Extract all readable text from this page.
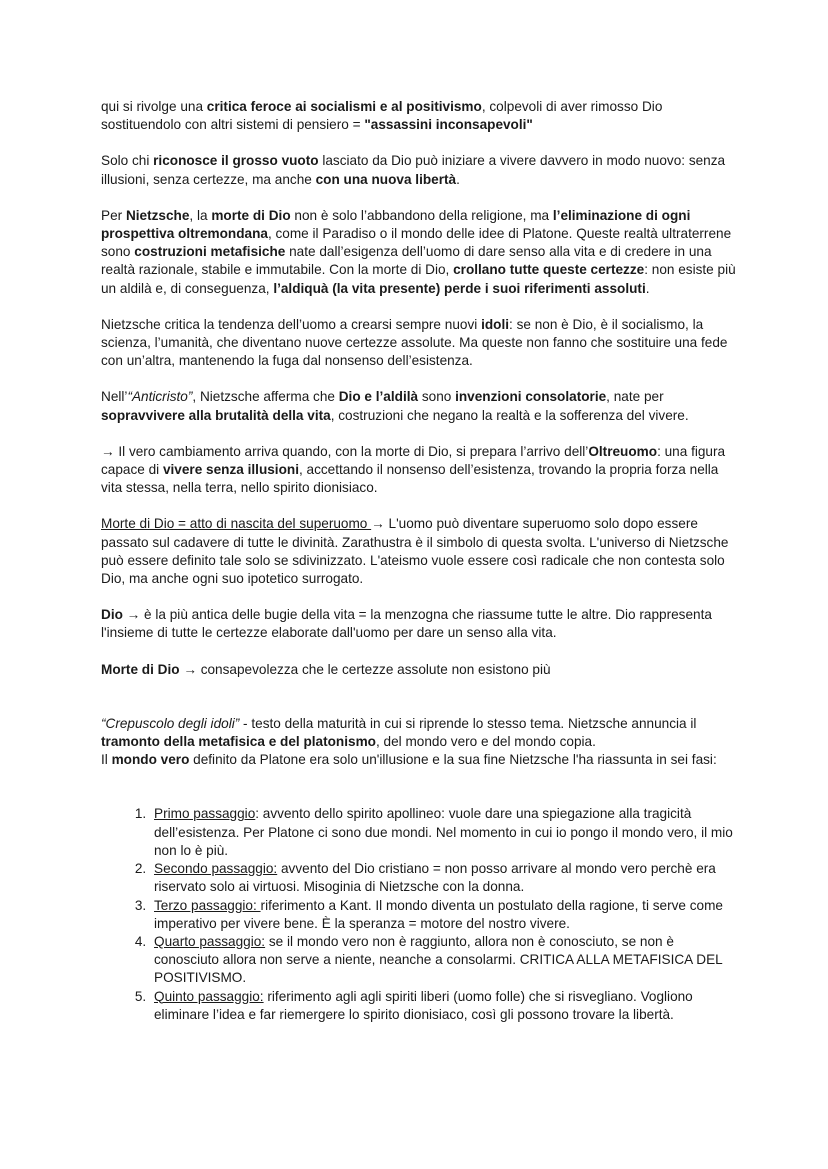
qui si rivolge una critica feroce ai socialismi e al positivismo, colpevoli di aver rimosso Dio sostituendolo con altri sistemi di pensiero = "assassini inconsapevoli"

Solo chi riconosce il grosso vuoto lasciato da Dio può iniziare a vivere davvero in modo nuovo: senza illusioni, senza certezze, ma anche con una nuova libertà.

Per Nietzsche, la morte di Dio non è solo l’abbandono della religione, ma l’eliminazione di ogni prospettiva oltremondana, come il Paradiso o il mondo delle idee di Platone. Queste realtà ultraterrene sono costruzioni metafisiche nate dall’esigenza dell’uomo di dare senso alla vita e di credere in una realtà razionale, stabile e immutabile. Con la morte di Dio, crollano tutte queste certezze: non esiste più un aldilà e, di conseguenza, l’aldiquà (la vita presente) perde i suoi riferimenti assoluti.

Nietzsche critica la tendenza dell’uomo a crearsi sempre nuovi idoli: se non è Dio, è il socialismo, la scienza, l’umanità, che diventano nuove certezze assolute. Ma queste non fanno che sostituire una fede con un’altra, mantenendo la fuga dal nonsenso dell’esistenza.

Nell’“Anticristo”, Nietzsche afferma che Dio e l’aldilà sono invenzioni consolatorie, nate per sopravvivere alla brutalità della vita, costruzioni che negano la realtà e la sofferenza del vivere.

→ Il vero cambiamento arriva quando, con la morte di Dio, si prepara l’arrivo dell’Oltreuomo: una figura capace di vivere senza illusioni, accettando il nonsenso dell’esistenza, trovando la propria forza nella vita stessa, nella terra, nello spirito dionisiaco.

Morte di Dio = atto di nascita del superuomo → L'uomo può diventare superuomo solo dopo essere passato sul cadavere di tutte le divinità. Zarathustra è il simbolo di questa svolta. L'universo di Nietzsche può essere definito tale solo se sdivinizzato. L'ateismo vuole essere così radicale che non contesta solo Dio, ma anche ogni suo ipotetico surrogato.

Dio → è la più antica delle bugie della vita = la menzogna che riassume tutte le altre. Dio rappresenta l'insieme di tutte le certezze elaborate dall'uomo per dare un senso alla vita.

Morte di Dio → consapevolezza che le certezze assolute non esistono più

“Crepuscolo degli idoli” - testo della maturità in cui si riprende lo stesso tema. Nietzsche annuncia il tramonto della metafisica e del platonismo, del mondo vero e del mondo copia.

Il mondo vero definito da Platone era solo un'illusione e la sua fine Nietzsche l'ha riassunta in sei fasi:

1. Primo passaggio: avvento dello spirito apollineo: vuole dare una spiegazione alla tragicità dell’esistenza. Per Platone ci sono due mondi. Nel momento in cui io pongo il mondo vero, il mio non lo è più.
2. Secondo passaggio: avvento del Dio cristiano = non posso arrivare al mondo vero perchè era riservato solo ai virtuosi. Misoginia di Nietzsche con la donna.
3. Terzo passaggio: riferimento a Kant. Il mondo diventa un postulato della ragione, ti serve come imperativo per vivere bene. È la speranza = motore del nostro vivere.
4. Quarto passaggio: se il mondo vero non è raggiunto, allora non è conosciuto, se non è conosciuto allora non serve a niente, neanche a consolarmi. CRITICA ALLA METAFISICA DEL POSITIVISMO.
5. Quinto passaggio: riferimento agli agli spiriti liberi (uomo folle) che si risvegliano. Vogliono eliminare l’idea e far riemergere lo spirito dionisiaco, così gli possono trovare la libertà.
